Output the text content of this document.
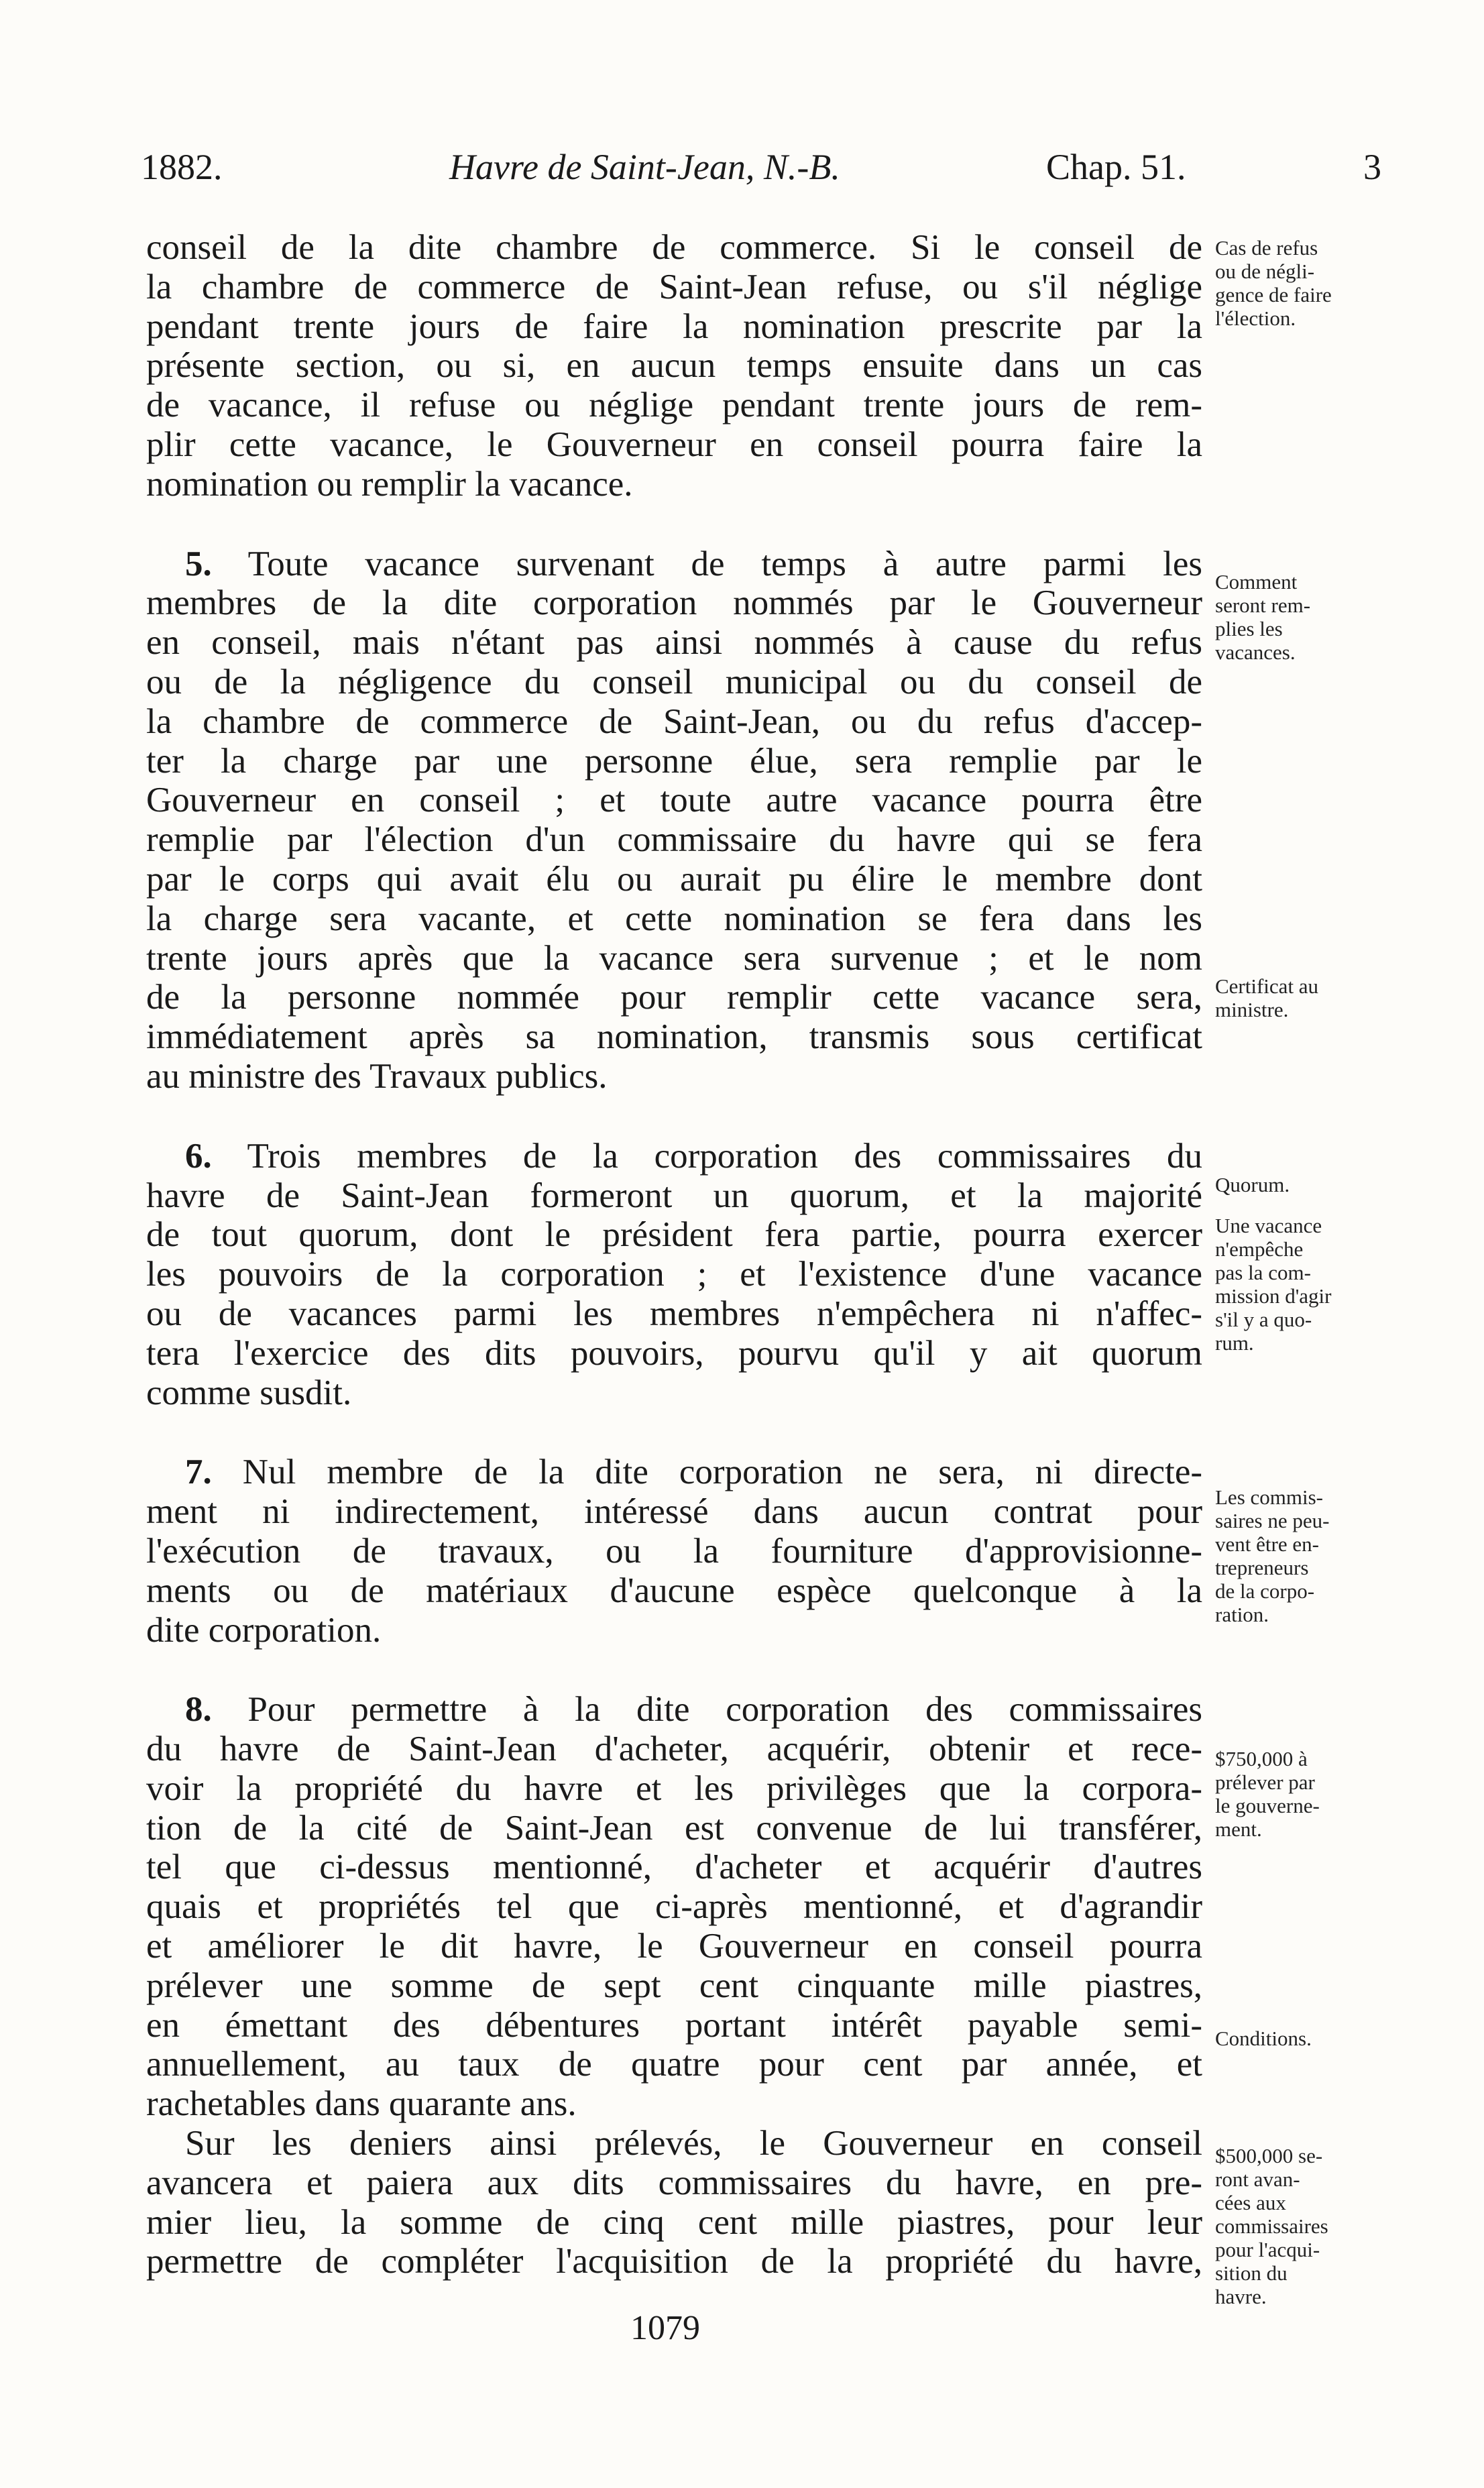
1882.	Havre de Saint-Jean, N.-B.	Chap. 51.	3
conseil de la dite chambre de commerce. Si le conseil de
la chambre de commerce de Saint-Jean refuse, ou s'il néglige
pendant trente jours de faire la nomination prescrite par la
présente section, ou si, en aucun temps ensuite dans un cas
de vacance, il refuse ou néglige pendant trente jours de rem-
plir cette vacance, le Gouverneur en conseil pourra faire la
nomination ou remplir la vacance.
5. Toute vacance survenant de temps à autre parmi les
membres de la dite corporation nommés par le Gouverneur
en conseil, mais n'étant pas ainsi nommés à cause du refus
ou de la négligence du conseil municipal ou du conseil de
la chambre de commerce de Saint-Jean, ou du refus d'accep-
ter la charge par une personne élue, sera remplie par le
Gouverneur en conseil ; et toute autre vacance pourra être
remplie par l'élection d'un commissaire du havre qui se fera
par le corps qui avait élu ou aurait pu élire le membre dont
la charge sera vacante, et cette nomination se fera dans les
trente jours après que la vacance sera survenue ; et le nom
de la personne nommée pour remplir cette vacance sera,
immédiatement après sa nomination, transmis sous certificat
au ministre des Travaux publics.
6. Trois membres de la corporation des commissaires du
havre de Saint-Jean formeront un quorum, et la majorité
de tout quorum, dont le président fera partie, pourra exercer
les pouvoirs de la corporation ; et l'existence d'une vacance
ou de vacances parmi les membres n'empêchera ni n'affec-
tera l'exercice des dits pouvoirs, pourvu qu'il y ait quorum
comme susdit.
7. Nul membre de la dite corporation ne sera, ni directe-
ment ni indirectement, intéressé dans aucun contrat pour
l'exécution de travaux, ou la fourniture d'approvisionne-
ments ou de matériaux d'aucune espèce quelconque à la
dite corporation.
8. Pour permettre à la dite corporation des commissaires
du havre de Saint-Jean d'acheter, acquérir, obtenir et rece-
voir la propriété du havre et les privilèges que la corpora-
tion de la cité de Saint-Jean est convenue de lui transférer,
tel que ci-dessus mentionné, d'acheter et acquérir d'autres
quais et propriétés tel que ci-après mentionné, et d'agrandir
et améliorer le dit havre, le Gouverneur en conseil pourra
prélever une somme de sept cent cinquante mille piastres,
en émettant des débentures portant intérêt payable semi-
annuellement, au taux de quatre pour cent par année, et
rachetables dans quarante ans.
Sur les deniers ainsi prélevés, le Gouverneur en conseil
avancera et paiera aux dits commissaires du havre, en pre-
mier lieu, la somme de cinq cent mille piastres, pour leur
permettre de compléter l'acquisition de la propriété du havre,
Cas de refus
ou de négli-
gence de faire
l'élection.
Comment
seront rem-
plies les
vacances.
Certificat au
ministre.
Quorum.
Une vacance
n'empêche
pas la com-
mission d'agir
s'il y a quo-
rum.
Les commis-
saires ne peu-
vent être en-
trepreneurs
de la corpo-
ration.
$750,000 à
prélever par
le gouverne-
ment.
Conditions.
$500,000 se-
ront avan-
cées aux
commissaires
pour l'acqui-
sition du
havre.
1079
